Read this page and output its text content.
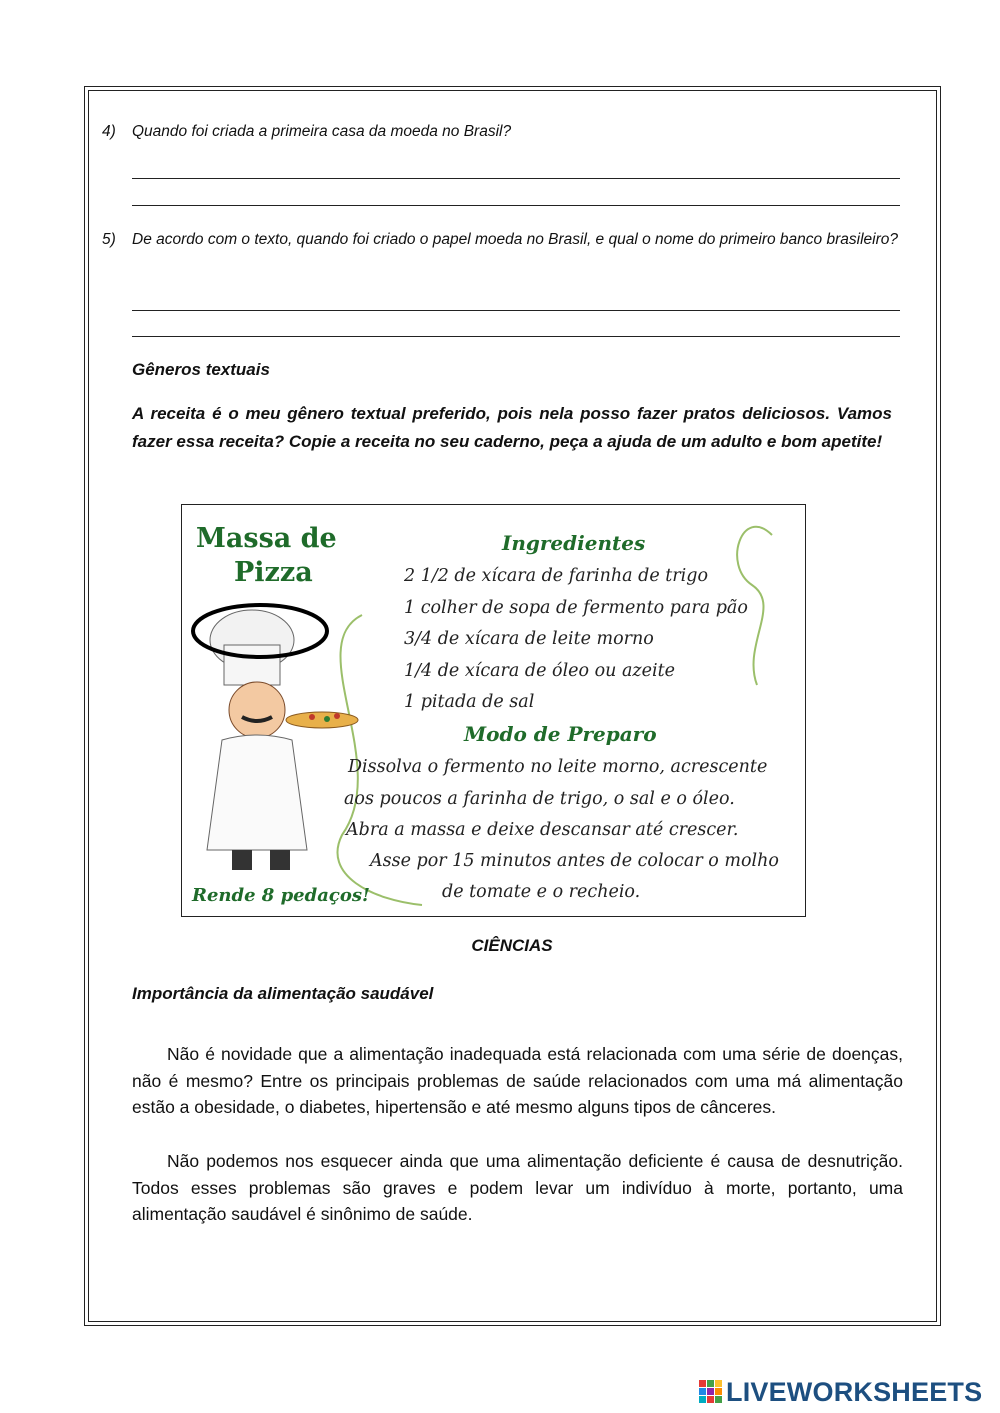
4) Quando foi criada a primeira casa da moeda no Brasil?
5) De acordo com o texto, quando foi criado o papel moeda no Brasil, e qual o nome do primeiro banco brasileiro?
Gêneros textuais
A receita é o meu gênero textual preferido, pois nela posso fazer pratos deliciosos. Vamos fazer essa receita? Copie a receita no seu caderno, peça a ajuda de um adulto e bom apetite!
Massa de
Pizza
Ingredientes
2 1/2 de xícara de farinha de trigo
1 colher de sopa de fermento para pão
3/4 de xícara de leite morno
1/4 de xícara de óleo ou azeite
1 pitada de sal
Modo de Preparo
Dissolva o fermento no leite morno, acrescente
aos poucos a farinha de trigo, o sal e o óleo.
Abra a massa e deixe descansar até crescer.
Asse por 15 minutos antes de colocar o molho
de tomate e o recheio.
Rende 8 pedaços!
CIÊNCIAS
Importância da alimentação saudável
Não é novidade que a alimentação inadequada está relacionada com uma série de doenças, não é mesmo? Entre os principais problemas de saúde relacionados com uma má alimentação estão a obesidade, o diabetes, hipertensão e até mesmo alguns tipos de cânceres.
Não podemos nos esquecer ainda que uma alimentação deficiente é causa de desnutrição. Todos esses problemas são graves e podem levar um indivíduo à morte, portanto, uma alimentação saudável é sinônimo de saúde.
LIVEWORKSHEETS
